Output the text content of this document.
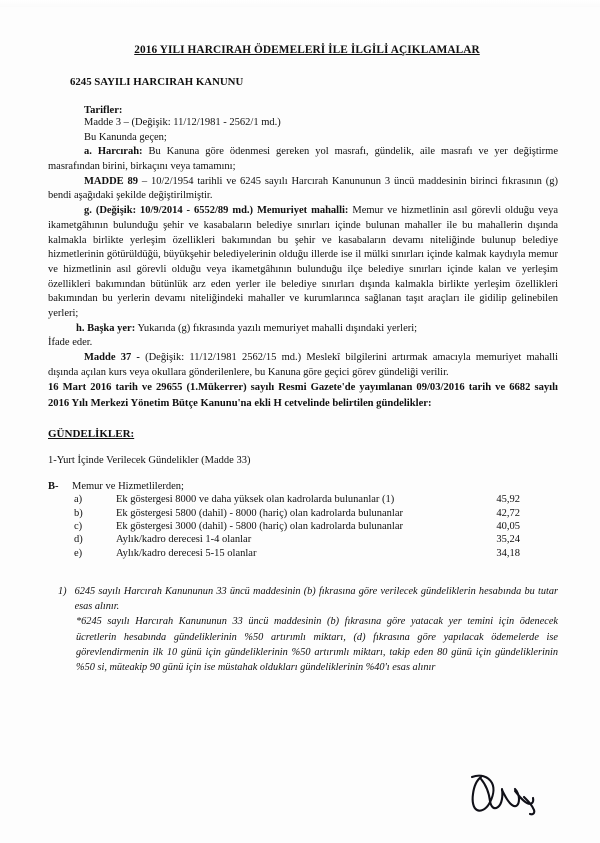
2016 YILI HARCIRAH ÖDEMELERİ İLE İLGİLİ AÇIKLAMALAR
6245 SAYILI HARCIRAH KANUNU
Tarifler:

Madde 3 – (Değişik: 11/12/1981 - 2562/1 md.)

Bu Kanunda geçen;

a. Harcırah: Bu Kanuna göre ödenmesi gereken yol masrafı, gündelik, aile masrafı ve yer değiştirme masrafından birini, birkaçını veya tamamını;

MADDE 89 – 10/2/1954 tarihli ve 6245 sayılı Harcırah Kanununun 3 üncü maddesinin birinci fıkrasının (g) bendi aşağıdaki şekilde değiştirilmiştir.

g. (Değişik: 10/9/2014 - 6552/89 md.) Memuriyet mahalli: Memur ve hizmetlinin asıl görevli olduğu veya ikametgâhının bulunduğu şehir ve kasabaların belediye sınırları içinde bulunan mahaller ile bu mahallerin dışında kalmakla birlikte yerleşim özellikleri bakımından bu şehir ve kasabaların devamı niteliğinde bulunup belediye hizmetlerinin götürüldüğü, büyükşehir belediyelerinin olduğu illerde ise il mülki sınırları içinde kalmak kaydıyla memur ve hizmetlinin asıl görevli olduğu veya ikametgâhının bulunduğu ilçe belediye sınırları içinde kalan ve yerleşim özellikleri bakımından bütünlük arz eden yerler ile belediye sınırları dışında kalmakla birlikte yerleşim özellikleri bakımından bu yerlerin devamı niteliğindeki mahaller ve kurumlarınca sağlanan taşıt araçları ile gidilip gelinebilen yerleri;

h. Başka yer: Yukarıda (g) fıkrasında yazılı memuriyet mahalli dışındaki yerleri;

İfade eder.

Madde 37 - (Değişik: 11/12/1981 2562/15 md.) Meslekî bilgilerini artırmak amacıyla memuriyet mahalli dışında açılan kurs veya okullara gönderilenlere, bu Kanuna göre geçici görev gündeliği verilir.

16 Mart 2016 tarih ve 29655 (1.Mükerrer) sayılı Resmi Gazete'de yayımlanan 09/03/2016 tarih ve 6682 sayılı 2016 Yılı Merkezi Yönetim Bütçe Kanunu'na ekli H cetvelinde belirtilen gündelikler:

GÜNDELİKLER:
1-Yurt İçinde Verilecek Gündelikler (Madde 33)
B-	Memur ve Hizmetlilerden;
a)	Ek göstergesi 8000 ve daha yüksek olan kadrolarda bulunanlar (1)	45,92
b)	Ek göstergesi 5800 (dahil) - 8000 (hariç) olan kadrolarda bulunanlar	42,72
c)	Ek göstergesi 3000 (dahil) - 5800 (hariç) olan kadrolarda bulunanlar	40,05
d)	Aylık/kadro derecesi 1-4 olanlar	35,24
e)	Aylık/kadro derecesi 5-15 olanlar	34,18
1) 6245 sayılı Harcırah Kanununun 33 üncü maddesinin (b) fıkrasına göre verilecek gündeliklerin hesabında bu tutar esas alınır.
*6245 sayılı Harcırah Kanununun 33 üncü maddesinin (b) fıkrasına göre yatacak yer temini için ödenecek ücretlerin hesabında gündeliklerinin %50 artırımlı miktarı, (d) fıkrasına göre yapılacak ödemelerde ise görevlendirmenin ilk 10 günü için gündeliklerinin %50 artırımlı miktarı, takip eden 80 günü için gündeliklerinin %50 si, müteakip 90 günü için ise müstahak oldukları gündeliklerinin %40'ı esas alınır
